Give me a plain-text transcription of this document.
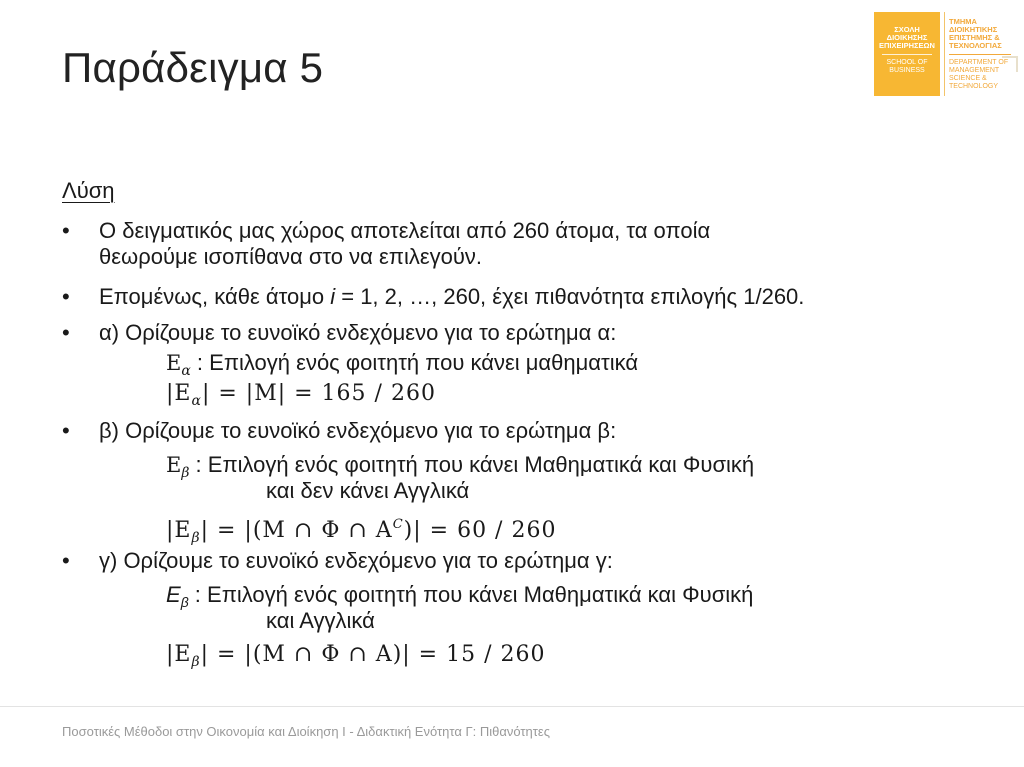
Παράδειγμα 5
ΣΧΟΛΗ
ΔΙΟΙΚΗΣΗΣ
ΕΠΙΧΕΙΡΗΣΕΩΝ
SCHOOL OF
BUSINESS
ΤΜΗΜΑ
ΔΙΟΙΚΗΤΙΚΗΣ
ΕΠΙΣΤΗΜΗΣ &
ΤΕΧΝΟΛΟΓΙΑΣ
DEPARTMENT OF
MANAGEMENT
SCIENCE &
TECHNOLOGY
Λύση
• Ο δειγματικός μας χώρος αποτελείται από 260 άτομα, τα οποία
θεωρούμε ισοπίθανα στο να επιλεγούν.
• Επομένως, κάθε άτομο i = 1, 2, …, 260, έχει πιθανότητα επιλογής 1/260.
• α) Ορίζουμε το ευνοϊκό ενδεχόμενο για το ερώτημα α:
$E_\alpha$ : Επιλογή ενός φοιτητή που κάνει μαθηματικά
$|E_\alpha| = |M| = 165 / 260$
• β) Ορίζουμε το ευνοϊκό ενδεχόμενο για το ερώτημα β:
$E_\beta$ : Επιλογή ενός φοιτητή που κάνει Μαθηματικά και Φυσική
και δεν κάνει Αγγλικά
$|E_\beta| = |(M$ ∩ Φ ∩ $A^C)| = 60 / 260$
• γ) Ορίζουμε το ευνοϊκό ενδεχόμενο για το ερώτημα γ:
$E_\beta$ : Επιλογή ενός φοιτητή που κάνει Μαθηματικά και Φυσική
και Αγγλικά
$|E_\beta| = |(M$ ∩ Φ ∩ A)| = 15 / 260
Ποσοτικές Μέθοδοι στην Οικονομία και Διοίκηση Ι - Διδακτική Ενότητα Γ: Πιθανότητες
